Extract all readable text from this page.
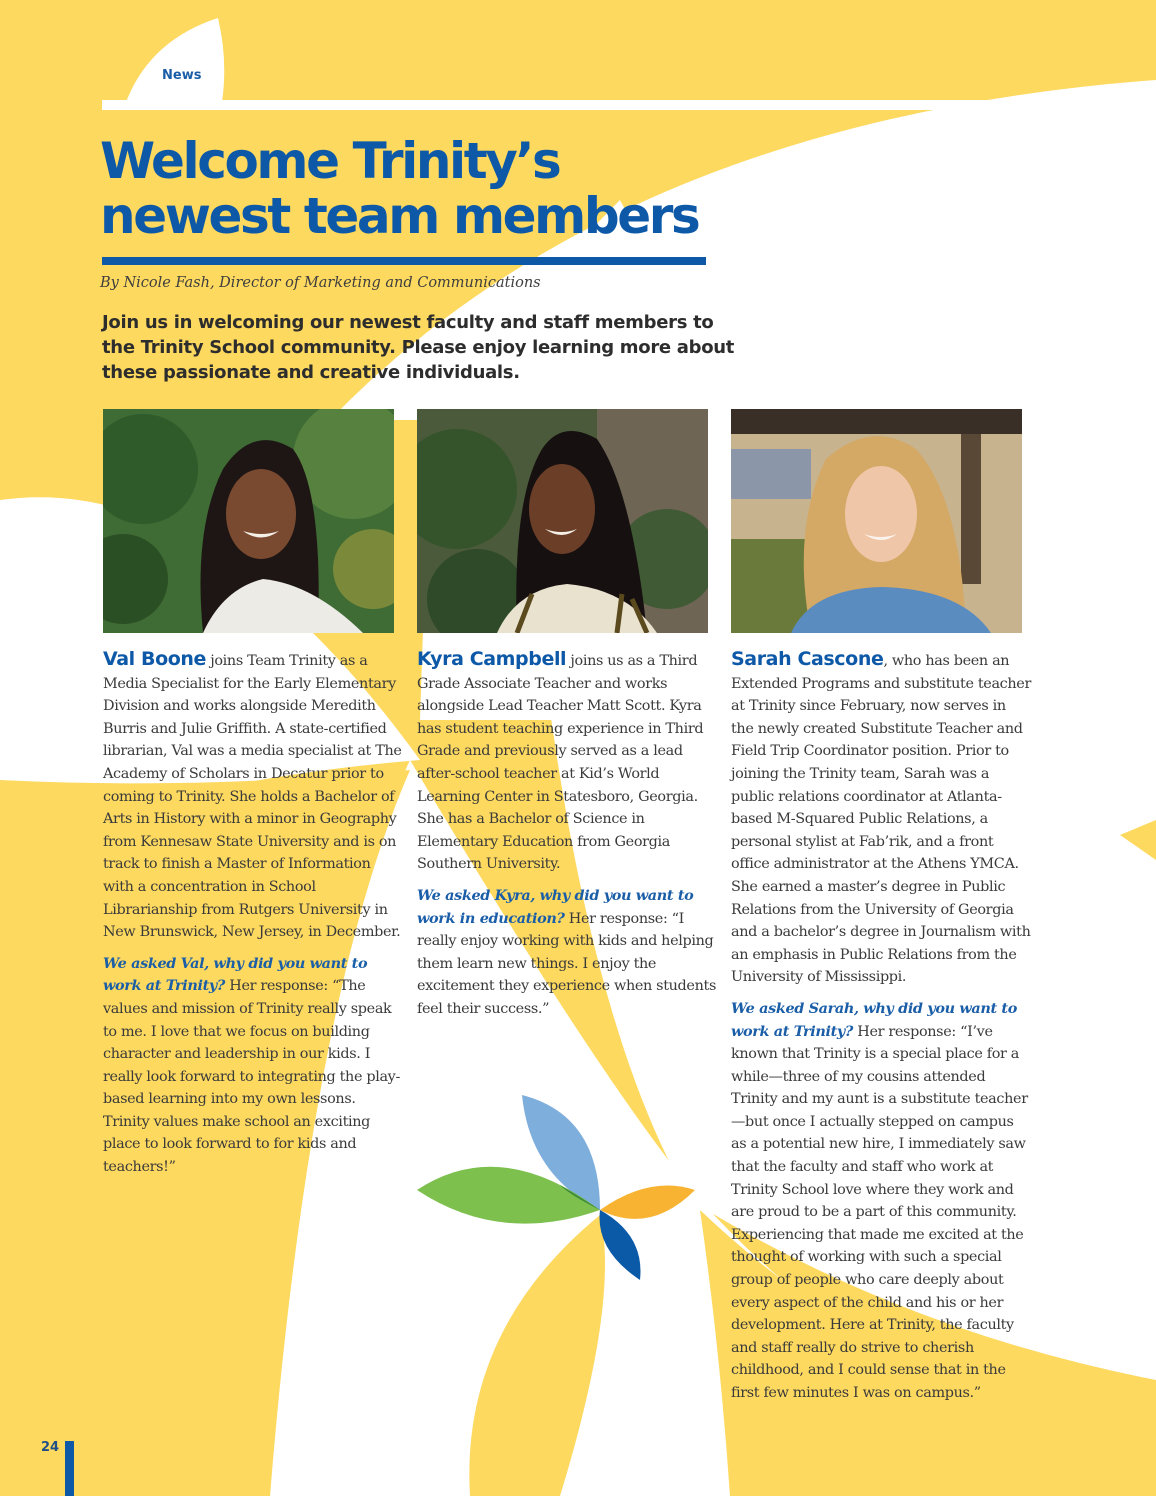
News
Welcome Trinity’s newest team members
By Nicole Fash, Director of Marketing and Communications

Join us in welcoming our newest faculty and staff members to the Trinity School community. Please enjoy learning more about these passionate and creative individuals.

Val Boone joins Team Trinity as a Media Specialist for the Early Elementary Division and works alongside Meredith Burris and Julie Griffith. A state-certified librarian, Val was a media specialist at The Academy of Scholars in Decatur prior to coming to Trinity. She holds a Bachelor of Arts in History with a minor in Geography from Kennesaw State University and is on track to finish a Master of Information with a concentration in School Librarianship from Rutgers University in New Brunswick, New Jersey, in December.

We asked Val, why did you want to work at Trinity? Her response: “The values and mission of Trinity really speak to me. I love that we focus on building character and leadership in our kids. I really look forward to integrating the play-based learning into my own lessons. Trinity values make school an exciting place to look forward to for kids and teachers!”

Kyra Campbell joins us as a Third Grade Associate Teacher and works alongside Lead Teacher Matt Scott. Kyra has student teaching experience in Third Grade and previously served as a lead after-school teacher at Kid’s World Learning Center in Statesboro, Georgia. She has a Bachelor of Science in Elementary Education from Georgia Southern University.

We asked Kyra, why did you want to work in education? Her response: “I really enjoy working with kids and helping them learn new things. I enjoy the excitement they experience when students feel their success.”

Sarah Cascone, who has been an Extended Programs and substitute teacher at Trinity since February, now serves in the newly created Substitute Teacher and Field Trip Coordinator position. Prior to joining the Trinity team, Sarah was a public relations coordinator at Atlanta-based M-Squared Public Relations, a personal stylist at Fab’rik, and a front office administrator at the Athens YMCA. She earned a master’s degree in Public Relations from the University of Georgia and a bachelor’s degree in Journalism with an emphasis in Public Relations from the University of Mississippi.

We asked Sarah, why did you want to work at Trinity? Her response: “I’ve known that Trinity is a special place for a while—three of my cousins attended Trinity and my aunt is a substitute teacher—but once I actually stepped on campus as a potential new hire, I immediately saw that the faculty and staff who work at Trinity School love where they work and are proud to be a part of this community. Experiencing that made me excited at the thought of working with such a special group of people who care deeply about every aspect of the child and his or her development. Here at Trinity, the faculty and staff really do strive to cherish childhood, and I could sense that in the first few minutes I was on campus.”

24
